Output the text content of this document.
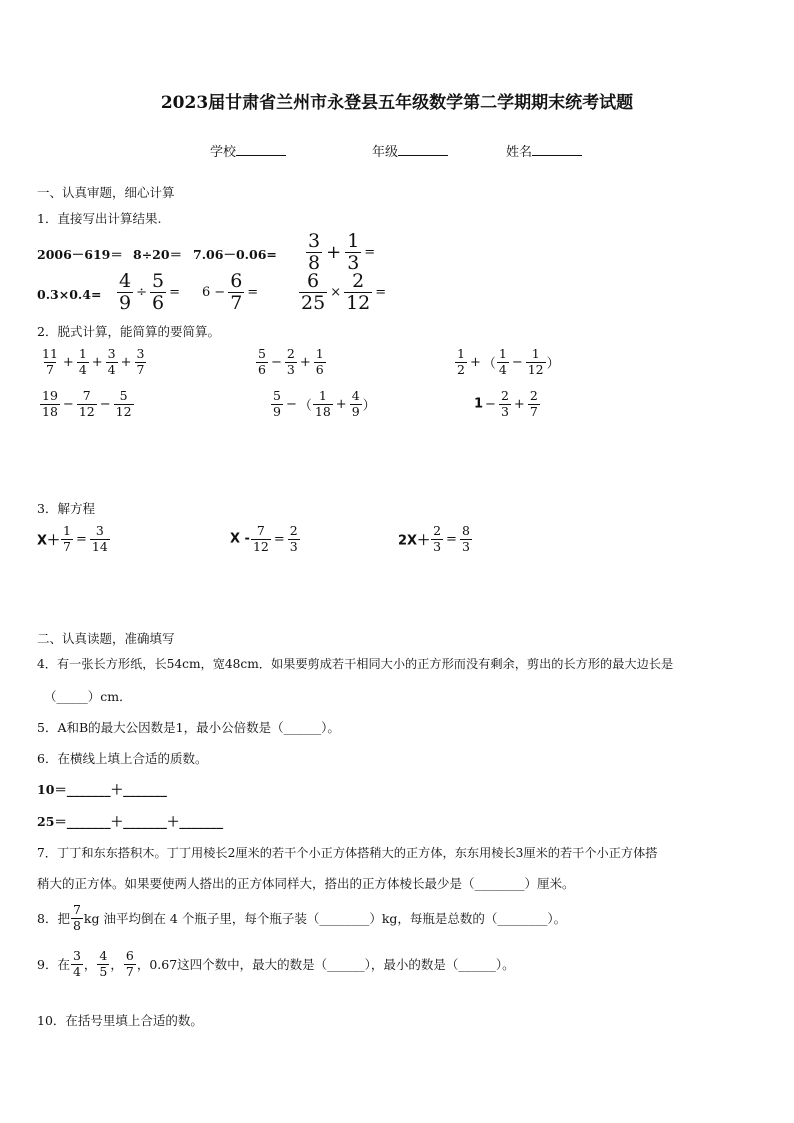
2023届甘肃省兰州市永登县五年级数学第二学期期末统考试题
学校	年级	姓名
一、认真审题，细心计算
1．直接写出计算结果.
$2006-619= 8\div 20= 7.06-0.06= \frac{3}{8} + \frac{1}{3}$ =
$0.3\times 0.4= \frac{4}{9} \div \frac{5}{6} = 6 - \frac{6}{7} = \frac{6}{25} \times \frac{2}{12}$ =
2．脱式计算，能简算的要简算。
$\frac{11}{7} + \frac{1}{4} + \frac{3}{4} + \frac{3}{7}$	$\frac{5}{6} - \frac{2}{3} + \frac{1}{6}$	$\frac{1}{2}$ + （ $\frac{1}{4} - \frac{1}{12}$ ）
$\frac{19}{18} - \frac{7}{12} - \frac{5}{12}$	$\frac{5}{9}$ − （ $\frac{1}{18} + \frac{4}{9}$ ）	$1 - \frac{2}{3} + \frac{2}{7}$
3．解方程
$X+ \frac{1}{7} = \frac{3}{14}$	$X - \frac{7}{12} = \frac{2}{3}$	$2X+ \frac{2}{3} = \frac{8}{3}$
二、认真读题，准确填写
4．有一张长方形纸，长54cm，宽48cm．如果要剪成若干相同大小的正方形而没有剩余，剪出的长方形的最大边长是
（_____）cm．
5．A和B的最大公因数是1，最小公倍数是（______）。
6．在横线上填上合适的质数。
10＝_______＋_______
25＝_______＋_______＋_______
7．丁丁和东东搭积木。丁丁用棱长2厘米的若干个小正方体搭稍大的正方体，东东用棱长3厘米的若干个小正方体搭
稍大的正方体。如果要使两人搭出的正方体同样大，搭出的正方体棱长最少是（________）厘米。
8．把 $\frac{7}{8}$ kg 油平均倒在 4 个瓶子里，每个瓶子装（________）kg，每瓶是总数的（________）。
9．在 $\frac{3}{4}$ ， $\frac{4}{5}$ ， $\frac{6}{7}$ ，0.67这四个数中，最大的数是（______），最小的数是（______）。
10．在括号里填上合适的数。
